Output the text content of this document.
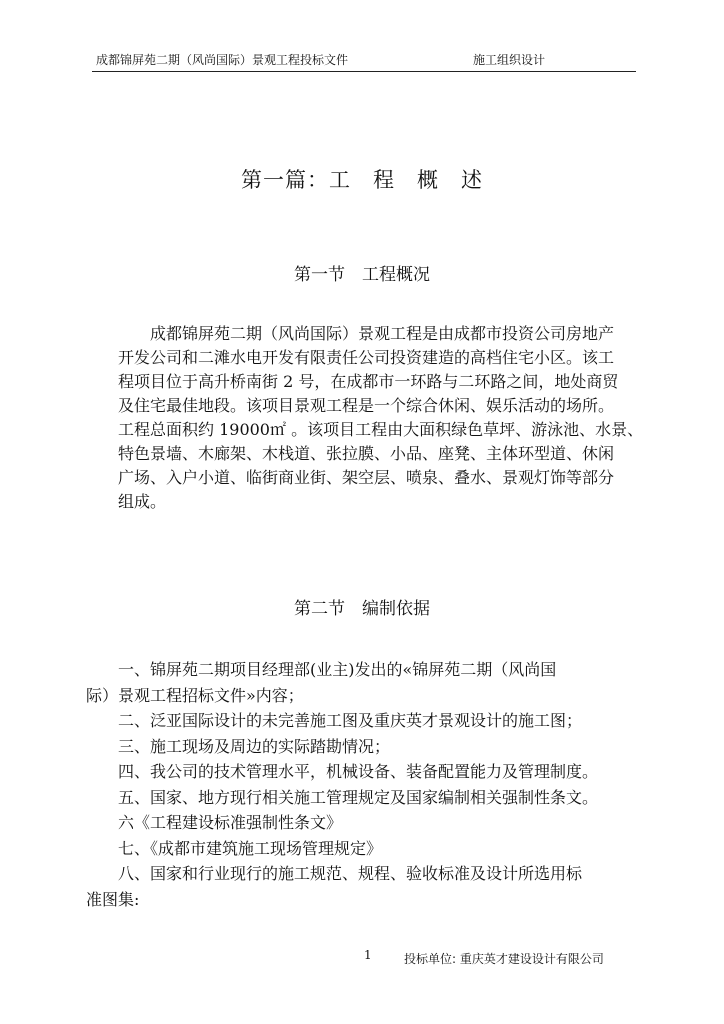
成都锦屏苑二期（风尚国际）景观工程投标文件	施工组织设计
第一篇：工　程　概　述
第一节　工程概况

成都锦屏苑二期（风尚国际）景观工程是由成都市投资公司房地产
开发公司和二滩水电开发有限责任公司投资建造的高档住宅小区。该工
程项目位于高升桥南街 2 号，在成都市一环路与二环路之间，地处商贸
及住宅最佳地段。该项目景观工程是一个综合休闲、娱乐活动的场所。
工程总面积约 19000㎡ 。该项目工程由大面积绿色草坪、游泳池、水景、
特色景墙、木廊架、木栈道、张拉膜、小品、座凳、主体环型道、休闲
广场、入户小道、临街商业街、架空层、喷泉、叠水、景观灯饰等部分
组成。

第二节　编制依据
一、锦屏苑二期项目经理部(业主)发出的«锦屏苑二期（风尚国
际）景观工程招标文件»内容；
二、泛亚国际设计的未完善施工图及重庆英才景观设计的施工图；
三、施工现场及周边的实际踏勘情况；
四、我公司的技术管理水平，机械设备、装备配置能力及管理制度。
五、国家、地方现行相关施工管理规定及国家编制相关强制性条文。
六《工程建设标准强制性条文》
七、《成都市建筑施工现场管理规定》
八、国家和行业现行的施工规范、规程、验收标准及设计所选用标
准图集:
1	投标单位: 重庆英才建设设计有限公司
